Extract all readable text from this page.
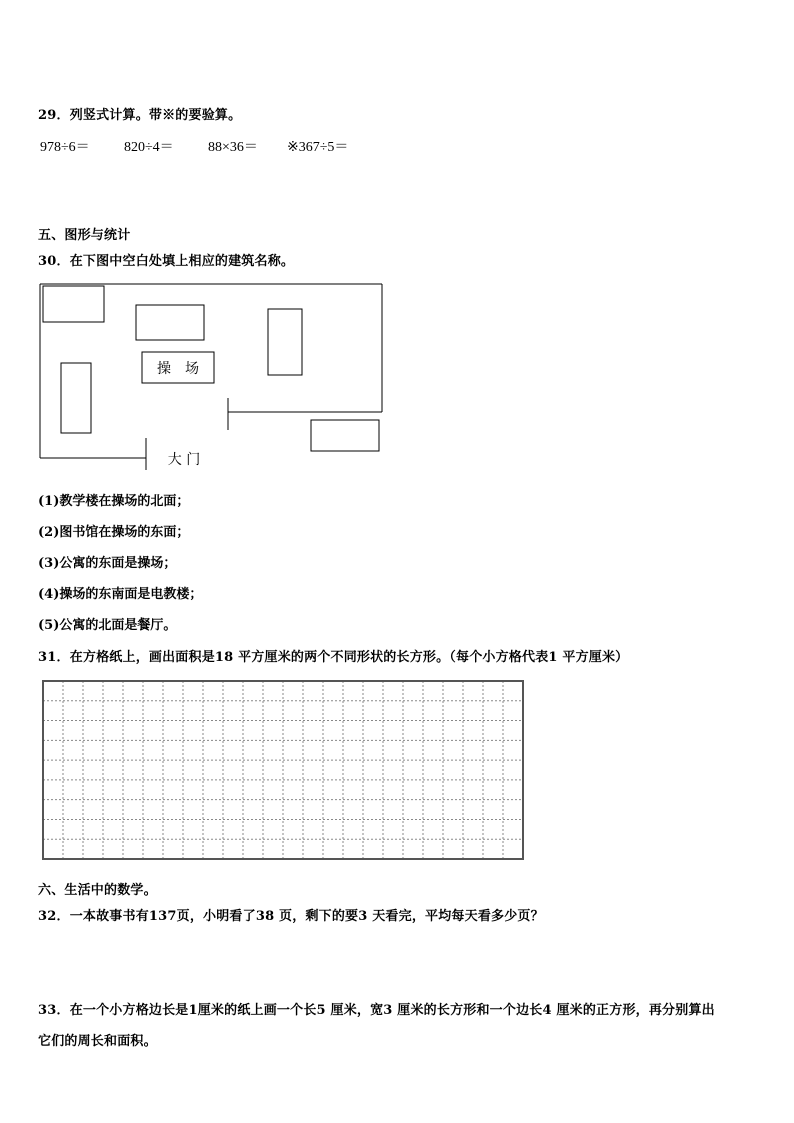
29．列竖式计算。带※的要验算。
978÷6＝ 820÷4＝ 88×36＝ ※367÷5＝
五、图形与统计
30．在下图中空白处填上相应的建筑名称。
操　场
大 门
(1)教学楼在操场的北面；
(2)图书馆在操场的东面；
(3)公寓的东面是操场；
(4)操场的东南面是电教楼；
(5)公寓的北面是餐厅。
31．在方格纸上，画出面积是18 平方厘米的两个不同形状的长方形。（每个小方格代表1 平方厘米）
六、生活中的数学。
32．一本故事书有137页，小明看了38 页，剩下的要3 天看完，平均每天看多少页？
33．在一个小方格边长是1厘米的纸上画一个长5 厘米，宽3 厘米的长方形和一个边长4 厘米的正方形，再分别算出
它们的周长和面积。
